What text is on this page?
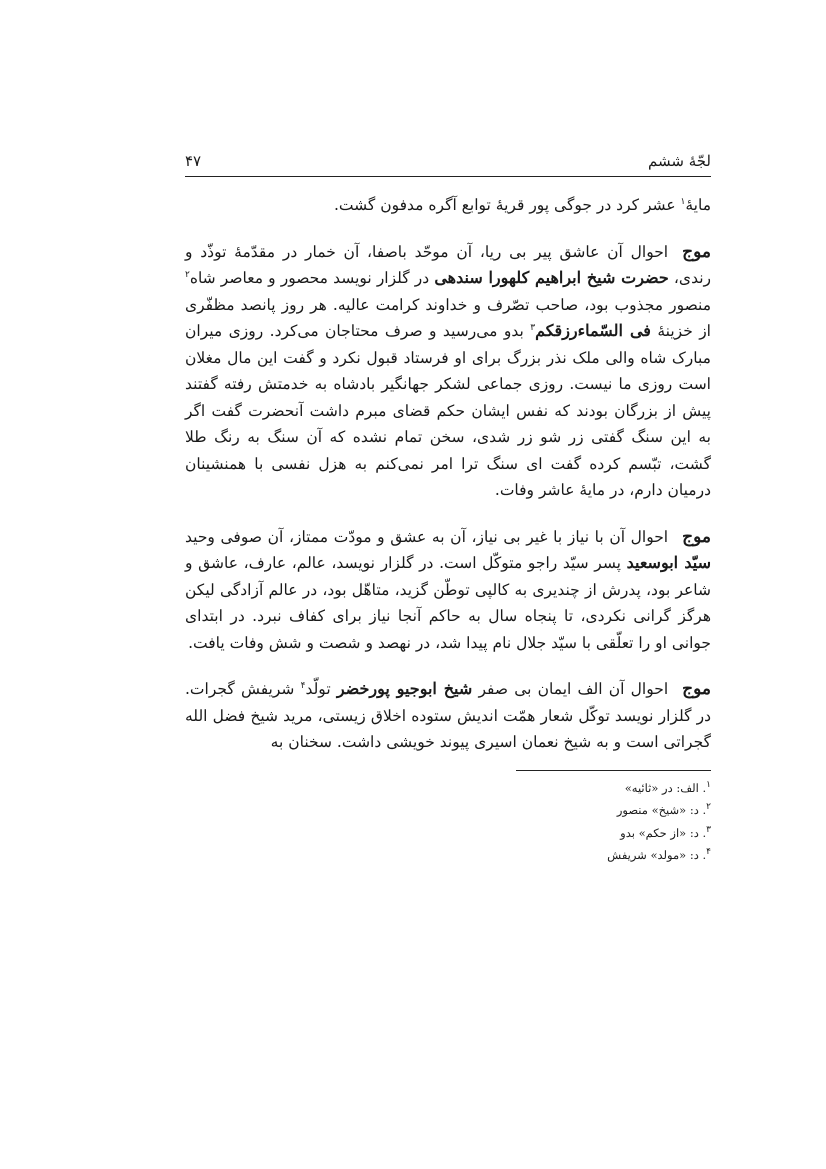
لجّهٔ ششم
۴۷

مایهٔ$^۱$ عشر کرد در جوگی پور قریهٔ توابع آگره مدفون گشت.

موجاحوال آن عاشق پیر بی ریا، آن موحّد باصفا، آن خمار در مقدّمهٔ توذّد و رندی، حضرت شیخ ابراهیم کلهورا سندهی در گلزار نویسد محصور و معاصر شاه$^۲$ منصور مجذوب بود، صاحب تصّرف و خداوند کرامت عالیه. هر روز پانصد مظفّری از خزینهٔ فی السّماءرزقکم$^۳$ بدو می‌رسید و صرف محتاجان می‌کرد. روزی میران مبارک شاه والی ملک نذر بزرگ برای او فرستاد قبول نکرد و گفت این مال مغلان است روزی ما نیست. روزی جماعی لشکر جهانگیر بادشاه به خدمتش رفته گفتند پیش از بزرگان بودند که نفس ایشان حکم قضای مبرم داشت آنحضرت گفت اگر به این سنگ گفتی زر شو زر شدی، سخن تمام نشده که آن سنگ به رنگ طلا گشت، تبّسم کرده گفت ای سنگ ترا امر نمی‌کنم به هزل نفسی با همنشینان درمیان دارم، در مایهٔ عاشر وفات.

موجاحوال آن با نیاز با غیر بی نیاز، آن به عشق و مودّت ممتاز، آن صوفی وحید سیّد ابوسعید پسر سیّد راجو متوکّل است. در گلزار نویسد، عالم، عارف، عاشق و شاعر بود، پدرش از چندیری به کالپی توطّن گزید، متاهّل بود، در عالم آزادگی لیکن هرگز گرانی نکردی، تا پنجاه سال به حاکم آنجا نیاز برای کفاف نبرد. در ابتدای جوانی او را تعلّقی با سیّد جلال نام پیدا شد، در نهصد و شصت و شش وفات یافت.

موجاحوال آن الف ایمان بی صفر شیخ ابوجیو پورخضر تولّد$^۴$ شریفش گجرات. در گلزار نویسد توکّل شعار همّت اندیش ستوده اخلاق زیستی، مرید شیخ فضل الله گجراتی است و به شیخ نعمان اسیری پیوند خویشی داشت. سخنان به

$^۱$. الف: در «ثائیه»

$^۲$. د: «شیخ» منصور

$^۳$. د: «از حکم» بدو

$^۴$. د: «مولد» شریفش
